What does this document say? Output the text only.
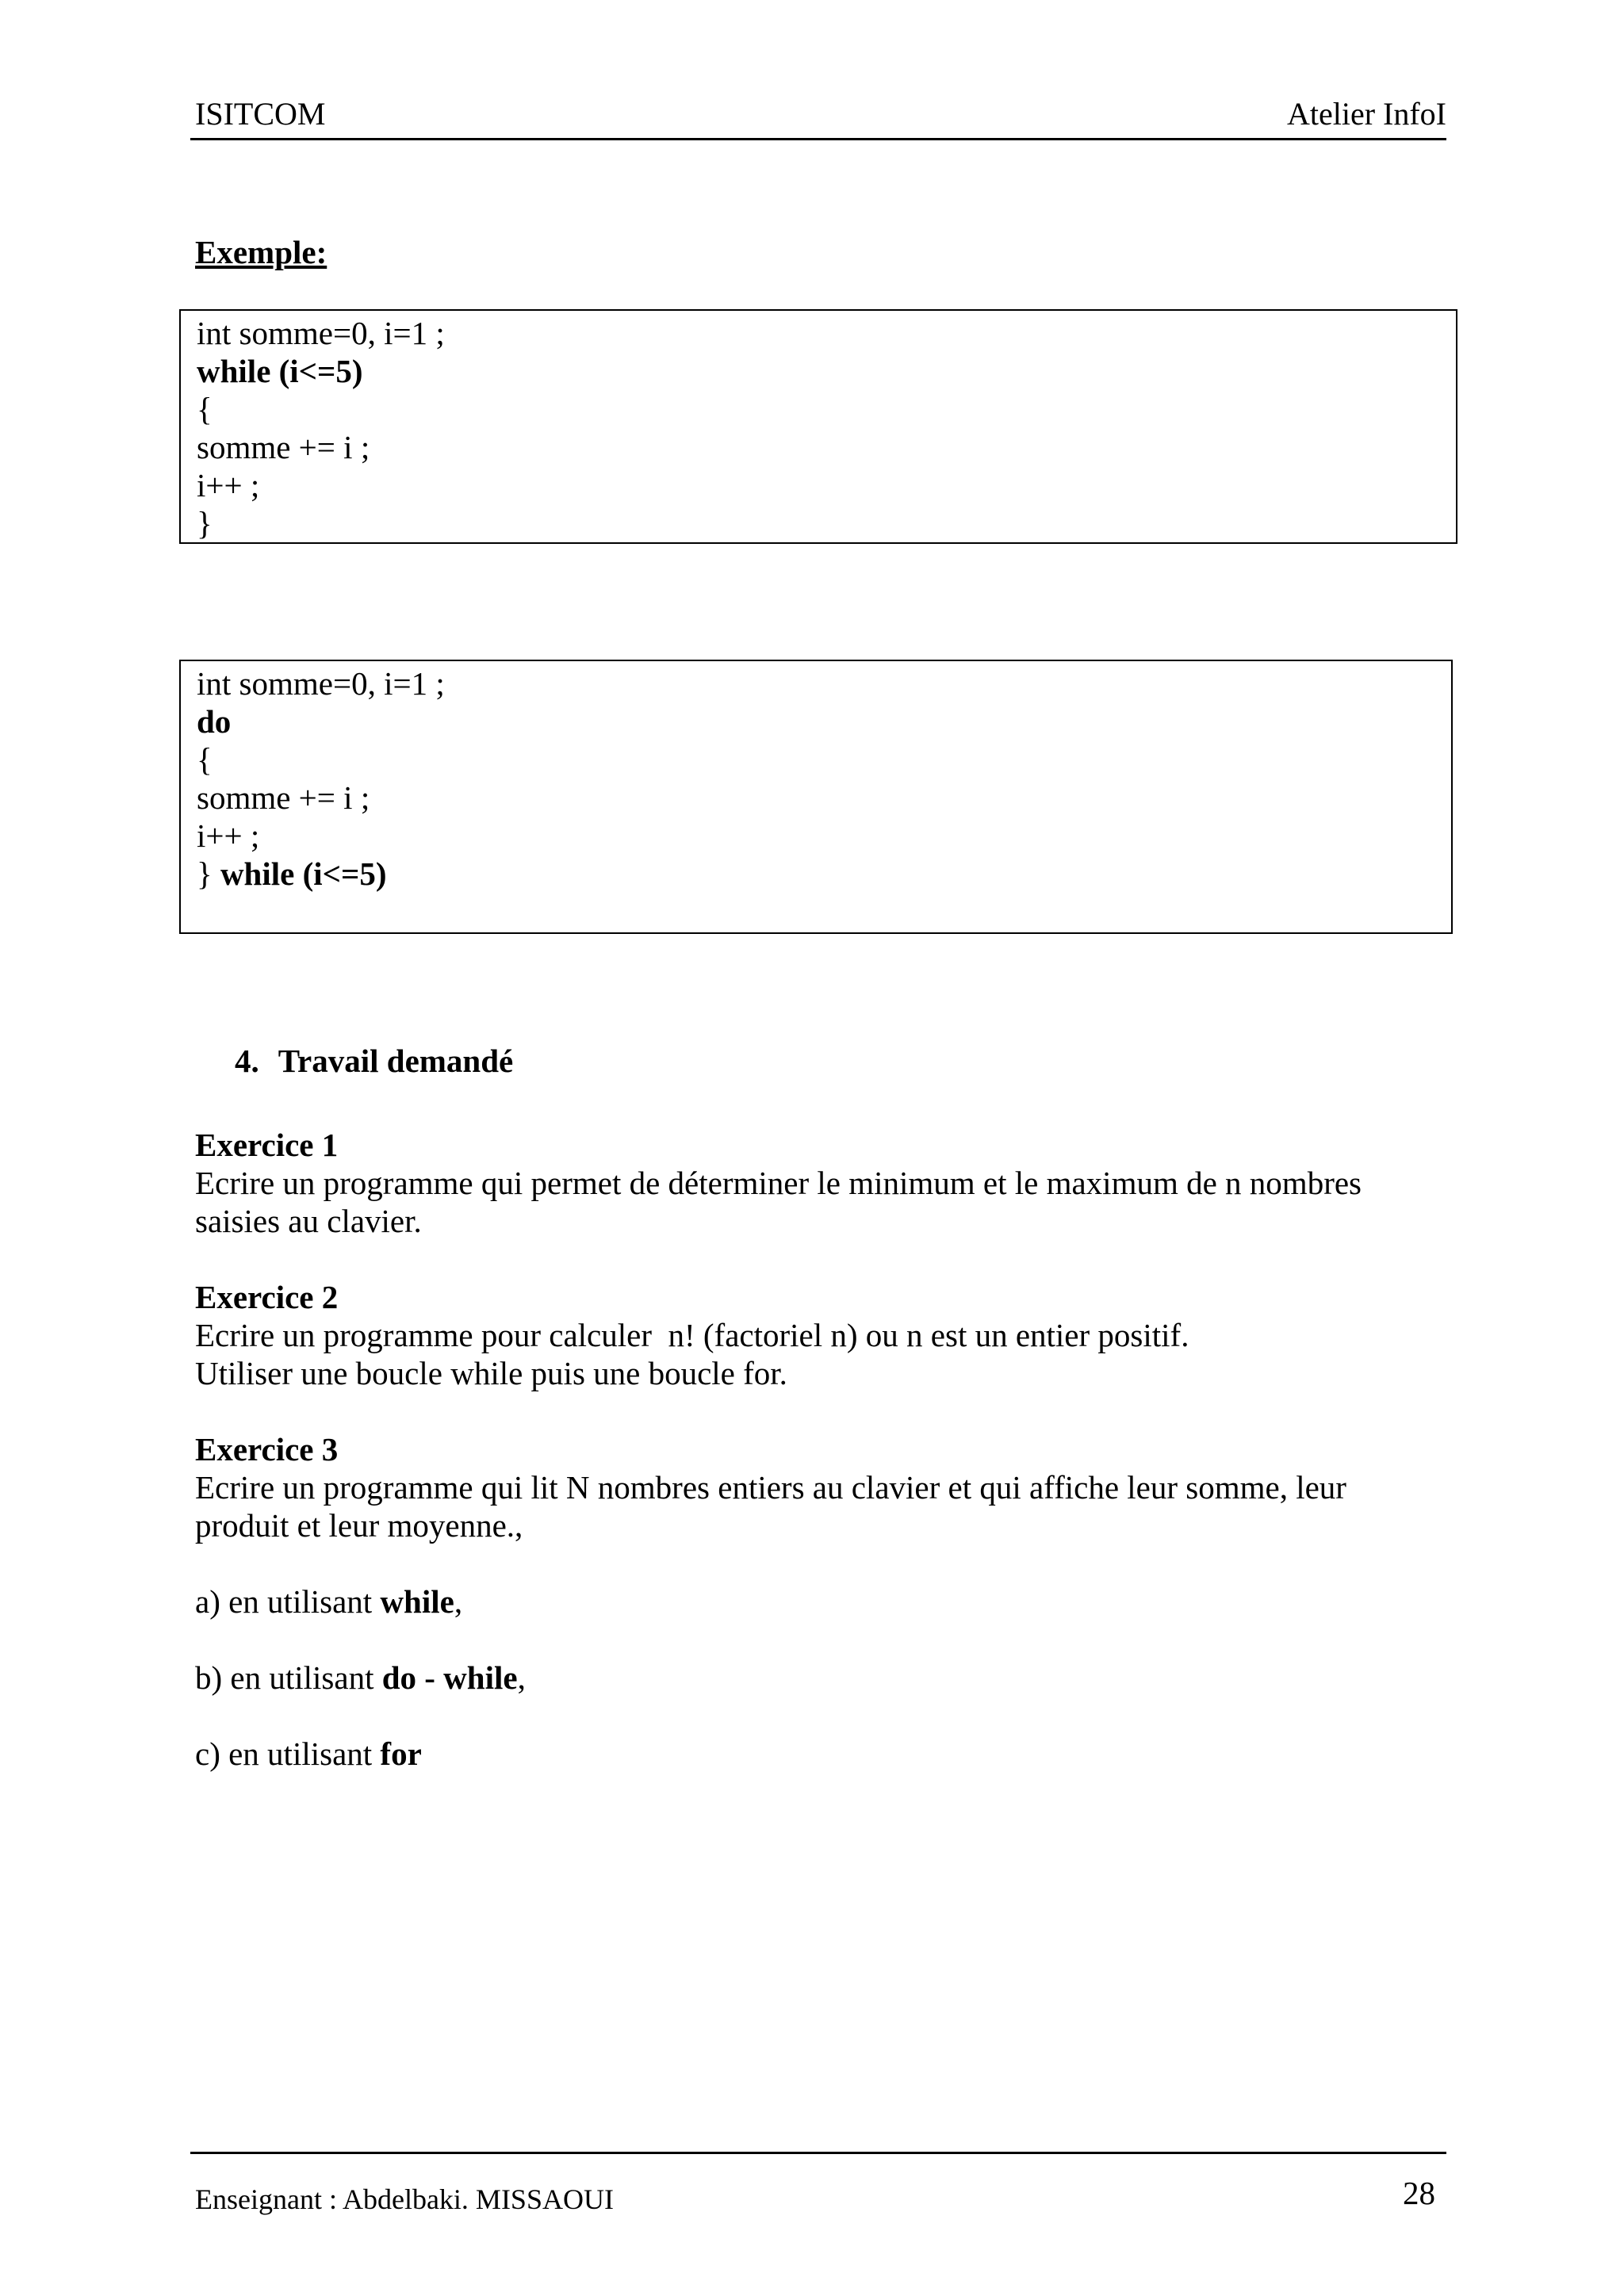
ISITCOM	Atelier InfoI
Exemple:
int somme=0, i=1 ;
while (i<=5)
{
somme += i ;
i++ ;
}
int somme=0, i=1 ;
do
{
somme += i ;
i++ ;
} while (i<=5)
4. Travail demandé
Exercice 1
Ecrire un programme qui permet de déterminer le minimum et le maximum de n nombres
saisies au clavier.
Exercice 2
Ecrire un programme pour calculer  n! (factoriel n) ou n est un entier positif.
Utiliser une boucle while puis une boucle for.
Exercice 3
Ecrire un programme qui lit N nombres entiers au clavier et qui affiche leur somme, leur
produit et leur moyenne.,
a) en utilisant while,
b) en utilisant do - while,
c) en utilisant for
Enseignant : Abdelbaki. MISSAOUI	28
